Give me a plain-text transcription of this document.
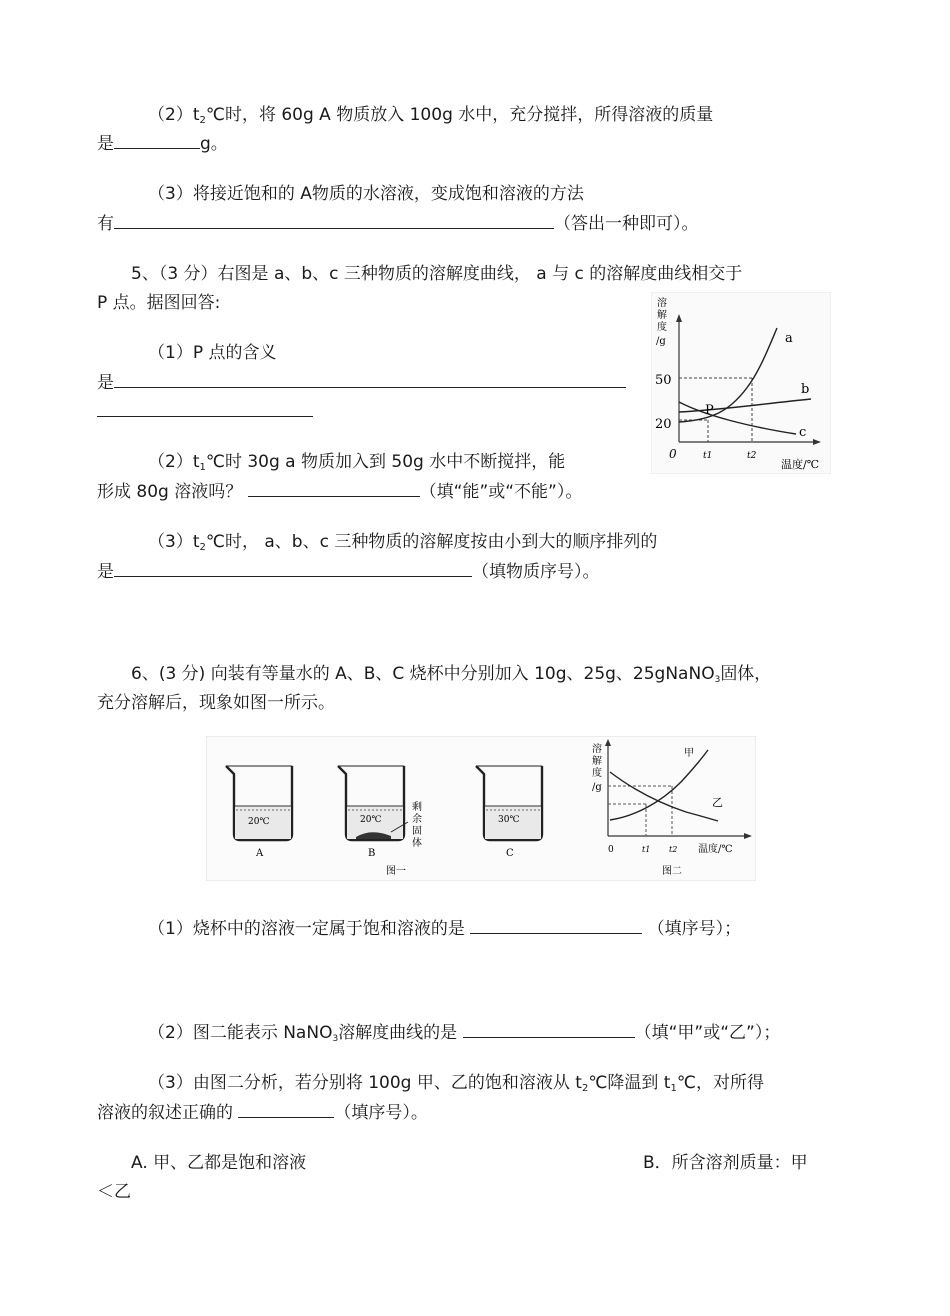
（2）t2℃时，将 60g A 物质放入 100g 水中，充分搅拌，所得溶液的质量
是	g。
（3）将接近饱和的 A物质的水溶液，变成饱和溶液的方法
有	（答出一种即可）。
5、（3 分）右图是 a、b、c 三种物质的溶解度曲线， a 与 c 的溶解度曲线相交于
P 点。据图回答:
（1）P 点的含义
是
（2）t1℃时 30g a 物质加入到 50g 水中不断搅拌，能
形成 80g 溶液吗？	（填“能”或“不能”）。
（3）t2℃时， a、b、c 三种物质的溶解度按由小到大的顺序排列的
是	（填物质序号）。
溶
解
度
/g
50
20
0	t1	t2
温度/℃
a
b
c
P
6、(3 分) 向装有等量水的 A、B、C 烧杯中分别加入 10g、25g、25gNaNO3固体，
充分溶解后，现象如图一所示。
20℃
A
20℃
B
剩
余
固
体
30℃
C
图一
溶
解
度
/g
甲
乙
0	t1 t2 温度/℃
图二
（1）烧杯中的溶液一定属于饱和溶液的是	（填序号）；
（2）图二能表示 NaNO3溶解度曲线的是	（填“甲”或“乙”）；
（3）由图二分析，若分别将 100g 甲、乙的饱和溶液从 t2℃降温到 t1℃，对所得
溶液的叙述正确的	（填序号）。
A. 甲、乙都是饱和溶液	B．所含溶剂质量：甲
＜乙
